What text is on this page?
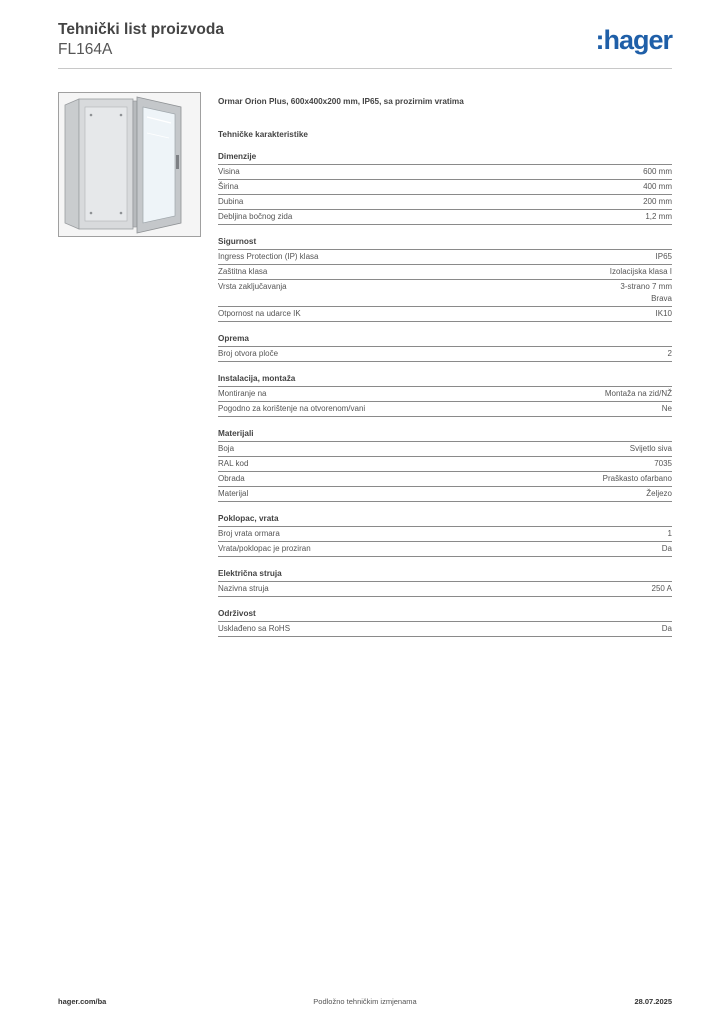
Tehnički list proizvoda

FL164A	:hager

Ormar Orion Plus, 600x400x200 mm, IP65, sa prozirnim vratima

Tehničke karakteristike

Dimenzije
Visina	600 mm
Širina	400 mm
Dubina	200 mm
Debljina bočnog zida	1,2 mm
Sigurnost
Ingress Protection (IP) klasa	IP65
Zaštitna klasa	Izolacijska klasa I
Vrsta zaključavanja	3-strano 7 mm
Brava
Otpornost na udarce IK	IK10
Oprema
Broj otvora ploče	2
Instalacija, montaža
Montiranje na	Montaža na zid/NŽ
Pogodno za korištenje na otvorenom/vani	Ne
Materijali
Boja	Svijetlo siva
RAL kod	7035
Obrada	Praškasto ofarbano
Materijal	Željezo
Poklopac, vrata
Broj vrata ormara	1
Vrata/poklopac je proziran	Da
Električna struja
Nazivna struja	250 A
Održivost
Usklađeno sa RoHS	Da
hager.com/ba	Podložno tehničkim izmjenama	28.07.2025
